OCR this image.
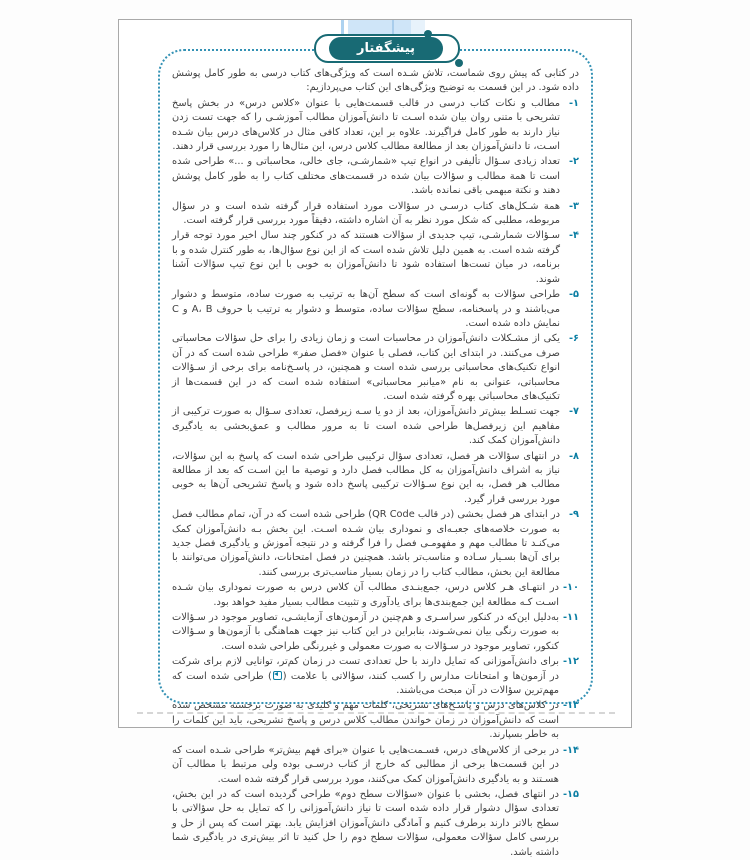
پیشگفتار

در کتابی که پیش روی شماست، تلاش شـده است که ویژگی‌های کتاب درسی به طور کامل پوشش داده شود. در این قسمت به توضیح ویژگی‌های این کتاب می‌پردازیم:

۱-
مطالب و نکات کتاب درسی در قالب قسمت‌هایی با عنوان «کلاس درس» در بخش پاسخ تشریحی با متنی روان بیان شده اسـت تا دانش‌آموزان مطالب آموزشـی را که جهت تست زدن نیاز دارند به طور کامل فراگیرند. علاوه بر این، تعداد کافی مثال در کلاس‌های درس بیان شـده اسـت، تا دانش‌آموزان بعد از مطالعة مطالب کلاس درس، این مثال‌ها را مورد بررسی قرار دهند.
۲-
تعداد زیادی سـؤال تألیفی در انواع تیپ «شمارشـی، جای خالی، محاسباتی و ...» طراحی شده است تا همة مطالب و سؤالات بیان شده در قسمت‌های مختلف کتاب را به طور کامل پوشش دهند و نکتة مبهمی باقی نمانده باشد.
۳-
همة شـکل‌های کتاب درسـی در سؤالات مورد استفاده قرار گرفته شده است و در سؤال مربوطه، مطلبی که شکل مورد نظر به آن اشاره داشته، دقیقاً مورد بررسی قرار گرفته است.
۴-
سـؤالات شمارشـی، تیپ جدیدی از سؤالات هستند که در کنکور چند سال اخیر مورد توجه قرار گرفته شده است. به همین دلیل تلاش شده است که از این نوع سؤال‌ها، به طور کنترل شده و با برنامه، در میان تست‌ها استفاده شود تا دانش‌آموزان به خوبی با این نوع تیپ سؤالات آشنا شوند.
۵-
طراحی سؤالات به گونه‌ای است که سطح آن‌ها به ترتیب به صورت ساده، متوسط و دشوار می‌باشند و در پاسخنامه، سطح سؤالات ساده، متوسط و دشوار به ترتیب با حروف A، B و C نمایش داده شده است.
۶-
یکی از مشـکلات دانش‌آموزان در محاسبات است و زمان زیادی را برای حل سؤالات محاسباتی صرف می‌کنند. در ابتدای این کتاب، فصلی با عنوان «فصل صفر» طراحی شده است که در آن انواع تکنیک‌های محاسباتی بررسی شده است و همچنین، در پاسـخ‌نامه برای برخی از سـؤالات محاسباتی، عنوانی به نام «میانبر محاسباتی» استفاده شده است که در این قسمت‌ها از تکنیک‌های محاسباتی بهره گرفته شده است.
۷-
جهت تسـلط بیش‌تر دانش‌آموزان، بعد از دو یا سـه زیرفصل، تعدادی سـؤال به صورت ترکیبی از مفاهیم این زیرفصل‌ها طراحی شده است تا به مرور مطالب و عمق‌بخشی به یادگیری دانش‌آموزان کمک کند.
۸-
در انتهای سؤالات هر فصل، تعدادی سؤال ترکیبی طراحی شده است که پاسخ به این سؤالات، نیاز به اشراف دانش‌آموزان به کل مطالب فصل دارد و توصیة ما این اسـت که بعد از مطالعة مطالب هر فصل، به این نوع سـؤالات ترکیبی پاسخ داده شود و پاسخ تشریحی آن‌ها به خوبی مورد بررسی قرار گیرد.
۹-
در ابتدای هر فصل بخشی (در قالب QR Code) طراحی شده است که در آن، تمام مطالب فصل به صورت خلاصه‌های جعبـه‌ای و نموداری بیان شـده اسـت. این بخش بـه دانش‌آموزان کمک می‌کنـد تا مطالب مهم و مفهومـی فصل را فرا گرفته و در نتیجه آموزش و یادگیری فصل جدید برای آن‌ها بسـیار سـاده و مناسب‌تر باشد. همچنین در فصل امتحانات، دانش‌آموزان می‌توانند با مطالعة این بخش، مطالب کتاب را در زمان بسیار مناسب‌تری بررسی کنند.
۱۰-
در انتهـای هـر کلاس درس، جمع‌بنـدی مطالب آن کلاس درس به صورت نموداری بیان شـده اسـت کـه مطالعة این جمع‌بندی‌ها برای یادآوری و تثبیت مطالب بسیار مفید خواهد بود.
۱۱-
به‌دلیل این‌که در کنکور سراسـری و هم‌چنین در آزمون‌های آزمایشـی، تصاویر موجود در سـؤالات به صورت رنگی بیان نمی‌شـوند، بنابراین در این کتاب نیز جهت هماهنگی با آزمون‌ها و سـؤالات کنکور، تصاویر موجود در سـؤالات به صورت معمولی و غیررنگی طراحی شده است.
۱۲-
برای دانش‌آموزانی که تمایل دارند با حل تعدادی تست در زمان کم‌تر، توانایی لازم برای شرکت در آزمون‌ها و امتحانات مدارس را کسب کنند، سؤالاتی با علامت (
) طراحی شده است که مهم‌ترین سؤالات در آن مبحث می‌باشند.
۱۳-
در کلاس‌های درس و پاسـخ‌های تشریحی، کلمات مهم و کلیدی به صورت برجسته مشخص شده است که دانش‌آموزان در زمان خواندن مطالب کلاس درس و پاسخ تشریحی، باید این کلمات را به خاطر بسپارند.
۱۴-
در برخی از کلاس‌های درس، قسـمت‌هایی با عنوان «برای فهم بیش‌تر» طراحی شـده است که در این قسمت‌ها برخی از مطالبی که خارج از کتاب درسـی بوده ولی مرتبط با مطالب آن هسـتند و به یادگیری دانش‌آموزان کمک می‌کنند، مورد بررسی قرار گرفته شده است.
۱۵-
در انتهای فصل، بخشی با عنوان «سؤالات سطح دوم» طراحی گردیده است که در این بخش، تعدادی سؤال دشوار قرار داده شده است تا نیاز دانش‌آموزانی را که تمایل به حل سؤالاتی با سطح بالاتر دارند برطرف کنیم و آمادگی دانش‌آموزان افزایش یابد. بهتر است که پس از حل و بررسی کامل سؤالات معمولی، سؤالات سطح دوم را حل کنید تا اثر بیش‌تری در یادگیری شما داشته باشد.
